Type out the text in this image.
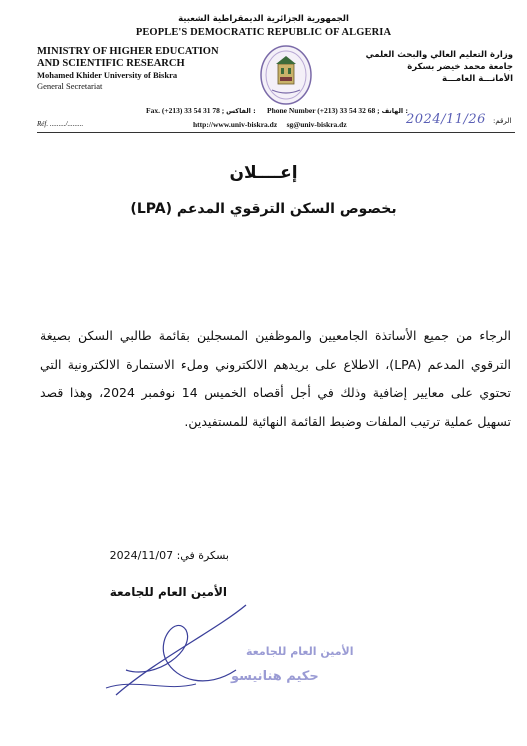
الجمهورية الجزائرية الديمقراطية الشعبية
PEOPLE'S DEMOCRATIC REPUBLIC OF ALGERIA
MINISTRY OF HIGHER EDUCATION
AND SCIENTIFIC RESEARCH
Mohamed Khider University of Biskra
General Secretariat
وزارة التعليم العالي والبحث العلمي
جامعة محمد خيضر بسكرة
الأمانـــة العامـــة
Fax. (+213) 33 54 31 78 ; الفاكس : Phone Number (+213) 33 54 32 68 ; الهاتف :
http://www.univ-biskra.dz sg@univ-biskra.dz
Réf. ........./.........	2024/11/26 الرقم:
إعــــلان
بخصوص السكن الترقوي المدعم (LPA)
الرجاء من جميع الأساتذة الجامعيين والموظفين المسجلين بقائمة طالبي السكن بصيغة الترقوي المدعم (LPA)، الاطلاع على بريدهم الالكتروني وملء الاستمارة الالكترونية التي تحتوي على معايير إضافية وذلك في أجل أقصاه الخميس 14 نوفمبر 2024، وهذا قصد تسهيل عملية ترتيب الملفات وضبط القائمة النهائية للمستفيدين.
بسكرة في: 2024/11/07
الأمين العام للجامعة
الأمين العام للجامعة
حكيم هنانيسو
